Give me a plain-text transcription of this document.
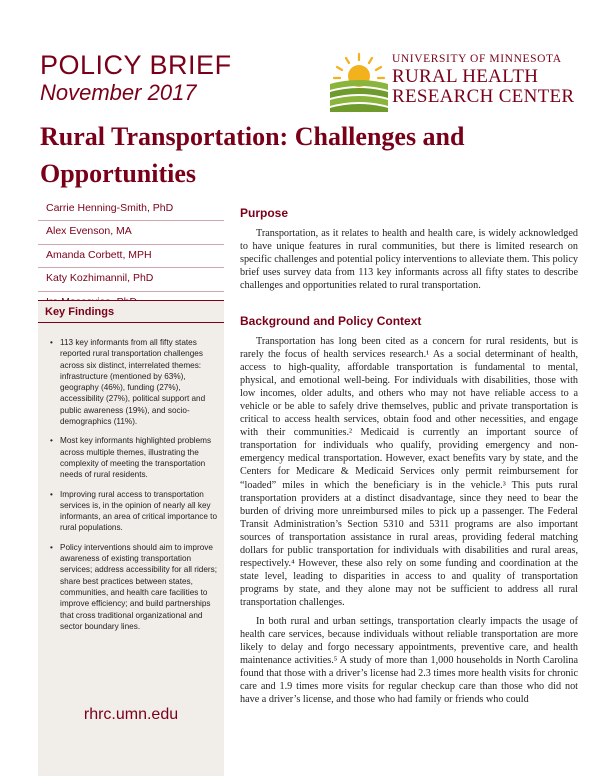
POLICY BRIEF
November 2017
UNIVERSITY OF MINNESOTA
RURAL HEALTH
RESEARCH CENTER
Rural Transportation: Challenges and Opportunities
Carrie Henning-Smith, PhD
Alex Evenson, MA
Amanda Corbett, MPH
Katy Kozhimannil, PhD
Key Findings
• 113 key informants from all fifty states reported rural transportation challenges across six distinct, interrelated themes: infrastructure (mentioned by 63%), geography (46%), funding (27%), accessibility (27%), political support and public awareness (19%), and socio-demographics (11%).
• Most key informants highlighted problems across multiple themes, illustrating the complexity of meeting the transportation needs of rural residents.
• Improving rural access to transportation services is, in the opinion of nearly all key informants, an area of critical importance to rural populations.
• Policy interventions should aim to improve awareness of existing transportation services; address accessibility for all riders; share best practices between states, communities, and health care facilities to improve efficiency; and build partnerships that cross traditional organizational and sector boundary lines.
rhrc.umn.edu
Purpose

Transportation, as it relates to health and health care, is widely acknowledged to have unique features in rural communities, but there is limited research on specific challenges and potential policy interventions to alleviate them. This policy brief uses survey data from 113 key informants across all fifty states to describe challenges and opportunities related to rural transportation.

Background and Policy Context

Transportation has long been cited as a concern for rural residents, but is rarely the focus of health services research.¹ As a social determinant of health, access to high-quality, affordable transportation is fundamental to mental, physical, and emotional well-being. For individuals with disabilities, those with low incomes, older adults, and others who may not have reliable access to a vehicle or be able to safely drive themselves, public and private transportation is critical to access health services, obtain food and other necessities, and engage with their communities.² Medicaid is currently an important source of transportation for individuals who qualify, providing emergency and non-emergency medical transportation. However, exact benefits vary by state, and the Centers for Medicare & Medicaid Services only permit reimbursement for “loaded” miles in which the beneficiary is in the vehicle.³ This puts rural transportation providers at a distinct disadvantage, since they need to bear the burden of driving more unreimbursed miles to pick up a passenger. The Federal Transit Administration’s Section 5310 and 5311 programs are also important sources of transportation assistance in rural areas, providing federal matching dollars for public transportation for individuals with disabilities and rural areas, respectively.⁴ However, these also rely on some funding and coordination at the state level, leading to disparities in access to and quality of transportation programs by state, and they alone may not be sufficient to address all rural transportation challenges.

In both rural and urban settings, transportation clearly impacts the usage of health care services, because individuals without reliable transportation are more likely to delay and forgo necessary appointments, preventive care, and health maintenance activities.⁵ A study of more than 1,000 households in North Carolina found that those with a driver’s license had 2.3 times more health visits for chronic care and 1.9 times more visits for regular checkup care than those who did not have a driver’s license, and those who had family or friends who could
